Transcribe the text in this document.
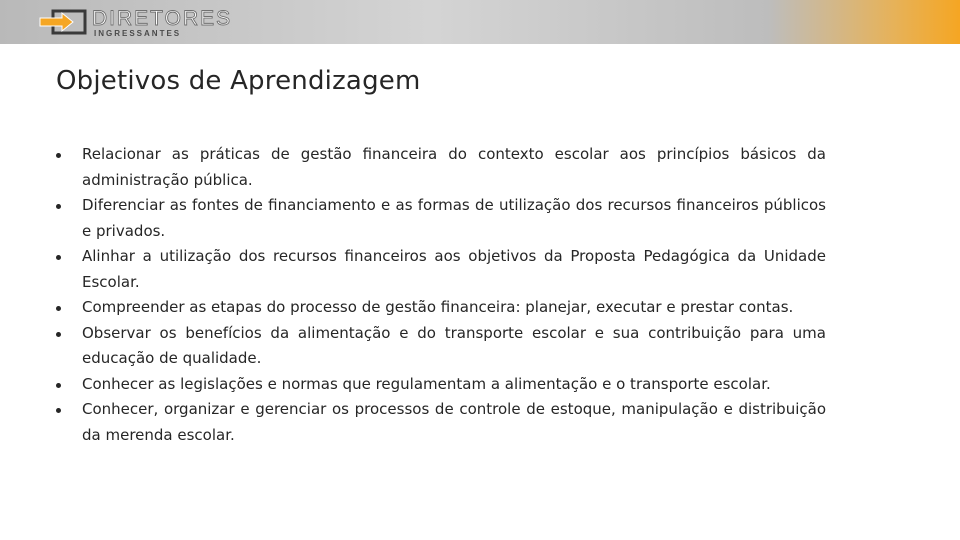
DIRETORES
INGRESSANTES
Objetivos de Aprendizagem
Relacionar as práticas de gestão financeira do contexto escolar aos princípios básicos da administração pública.
Diferenciar as fontes de financiamento e as formas de utilização dos recursos financeiros públicos e privados.
Alinhar a utilização dos recursos financeiros aos objetivos da Proposta Pedagógica da Unidade Escolar.
Compreender as etapas do processo de gestão financeira: planejar, executar e prestar contas.
Observar os benefícios da alimentação e do transporte escolar e sua contribuição para uma educação de qualidade.
Conhecer as legislações e normas que regulamentam a alimentação e o transporte escolar.
Conhecer, organizar e gerenciar os processos de controle de estoque, manipulação e distribuição da merenda escolar.
